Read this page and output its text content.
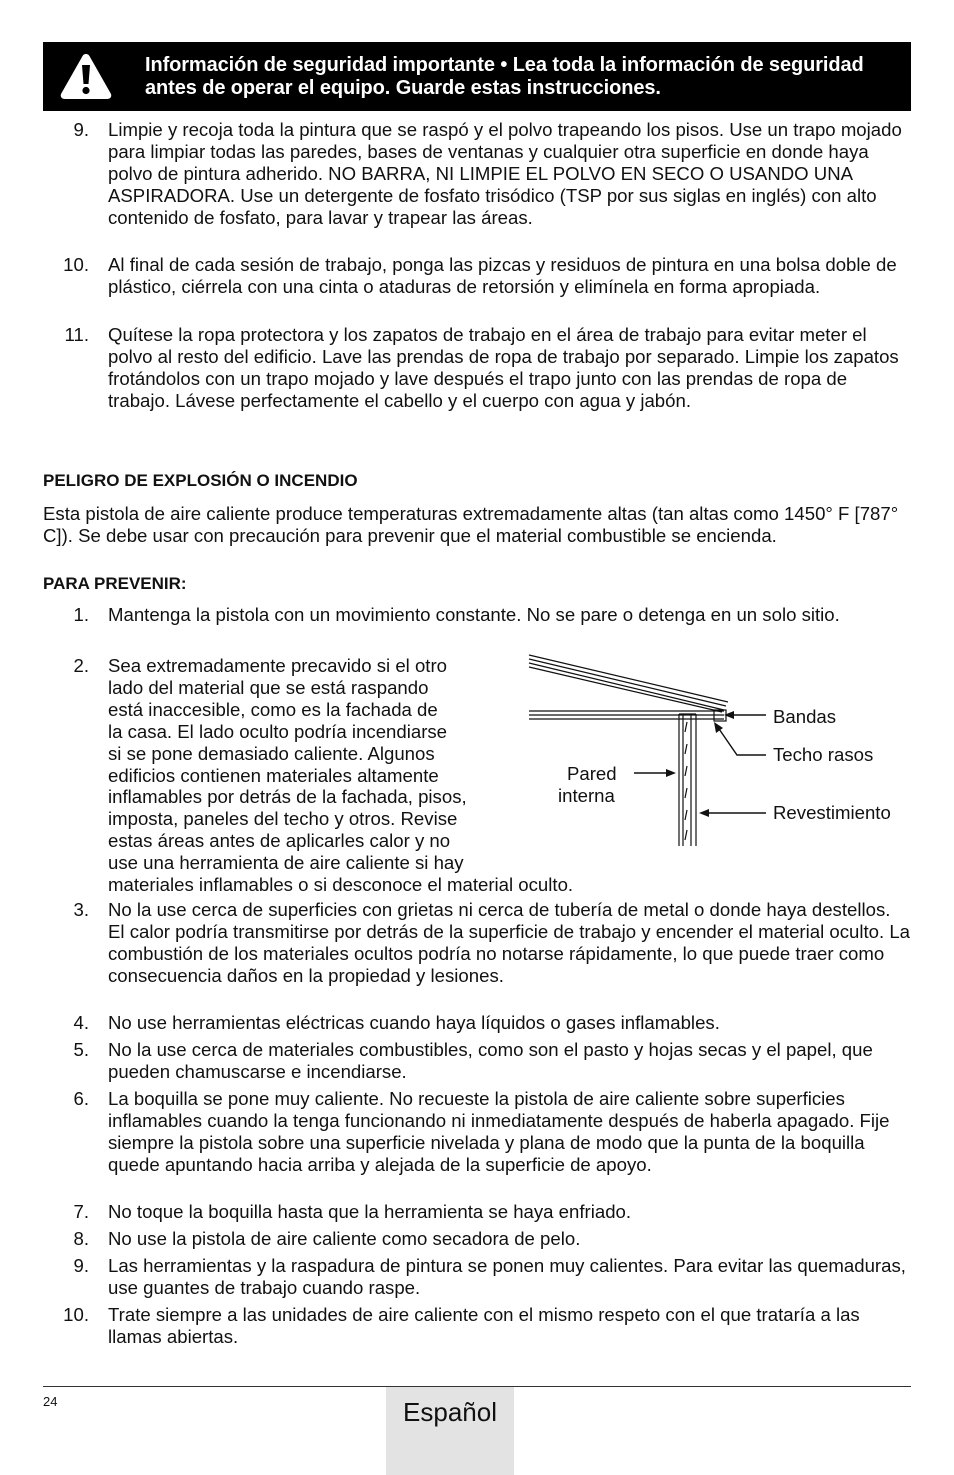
Información de seguridad importante • Lea toda la información de seguridad antes de operar el equipo. Guarde estas instrucciones.
9. Limpie y recoja toda la pintura que se raspó y el polvo trapeando los pisos. Use un trapo mojado para limpiar todas las paredes, bases de ventanas y cualquier otra superficie en donde haya polvo de pintura adherido. NO BARRA, NI LIMPIE EL POLVO EN SECO O USANDO UNA ASPIRADORA. Use un detergente de fosfato trisódico (TSP por sus siglas en inglés) con alto contenido de fosfato, para lavar y trapear las áreas.
10. Al final de cada sesión de trabajo, ponga las pizcas y residuos de pintura en una bolsa doble de plástico, ciérrela con una cinta o ataduras de retorsión y elimínela en forma apropiada.
11. Quítese la ropa protectora y los zapatos de trabajo en el área de trabajo para evitar meter el polvo al resto del edificio. Lave las prendas de ropa de trabajo por separado. Limpie los zapatos frotándolos con un trapo mojado y lave después el trapo junto con las prendas de ropa de trabajo. Lávese perfectamente el cabello y el cuerpo con agua y jabón.
PELIGRO DE EXPLOSIÓN O INCENDIO
Esta pistola de aire caliente produce temperaturas extremadamente altas (tan altas como 1450° F [787° C]). Se debe usar con precaución para prevenir que el material combustible se encienda.
PARA PREVENIR:
1. Mantenga la pistola con un movimiento constante. No se pare o detenga en un solo sitio.
2. Sea extremadamente precavido si el otro
lado del material que se está raspando
está inaccesible, como es la fachada de
la casa. El lado oculto podría incendiarse
si se pone demasiado caliente. Algunos
edificios contienen materiales altamente
inflamables por detrás de la fachada, pisos,
imposta, paneles del techo y otros. Revise
estas áreas antes de aplicarles calor y no
use una herramienta de aire caliente si hay
materiales inflamables o si desconoce el material oculto.
Bandas
Techo rasos
Pared
interna
Revestimiento
3. No la use cerca de superficies con grietas ni cerca de tubería de metal o donde haya destellos. El calor podría transmitirse por detrás de la superficie de trabajo y encender el material oculto. La combustión de los materiales ocultos podría no notarse rápidamente, lo que puede traer como consecuencia daños en la propiedad y lesiones.
4. No use herramientas eléctricas cuando haya líquidos o gases inflamables.
5. No la use cerca de materiales combustibles, como son el pasto y hojas secas y el papel, que pueden chamuscarse e incendiarse.
6. La boquilla se pone muy caliente. No recueste la pistola de aire caliente sobre superficies inflamables cuando la tenga funcionando ni inmediatamente después de haberla apagado. Fije siempre la pistola sobre una superficie nivelada y plana de modo que la punta de la boquilla quede apuntando hacia arriba y alejada de la superficie de apoyo.
7. No toque la boquilla hasta que la herramienta se haya enfriado.
8. No use la pistola de aire caliente como secadora de pelo.
9. Las herramientas y la raspadura de pintura se ponen muy calientes. Para evitar las quemaduras, use guantes de trabajo cuando raspe.
10. Trate siempre a las unidades de aire caliente con el mismo respeto con el que trataría a las llamas abiertas.
24	Español
